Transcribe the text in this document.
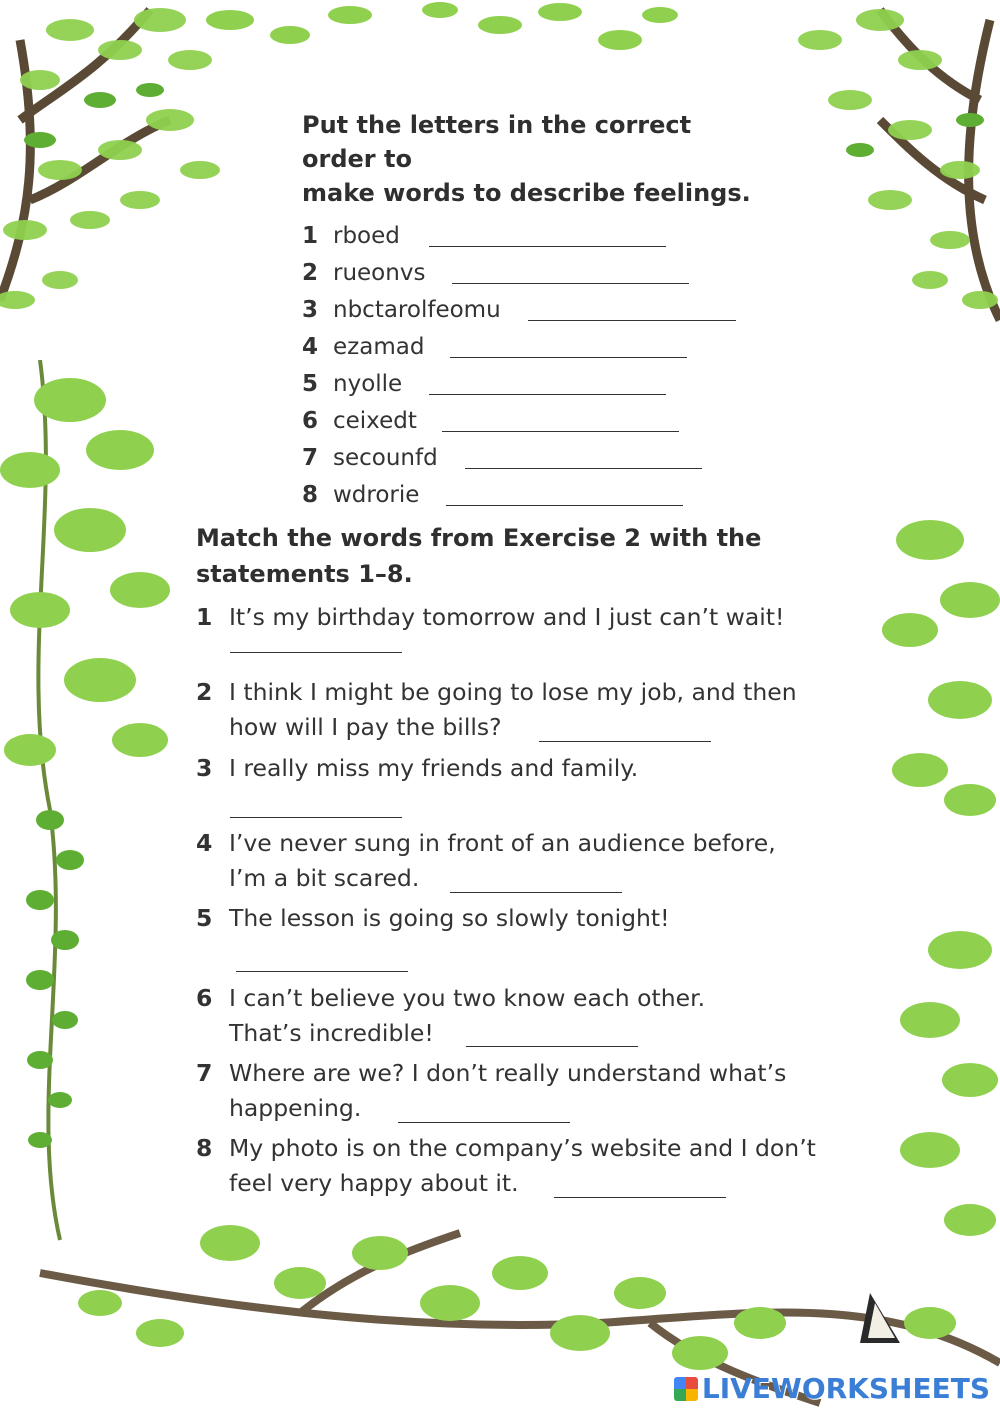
Put the letters in the correct order to
make words to describe feelings.

1 rboed
2 rueonvs
3 nbctarolfeomu
4 ezamad
5 nyolle
6 ceixedt
7 secounfd
8 wdrorie

Match the words from Exercise 2 with the
statements 1–8.

1 It’s my birthday tomorrow and I just can’t wait!
2 I think I might be going to lose my job, and then
how will I pay the bills?
3 I really miss my friends and family.
4 I’ve never sung in front of an audience before,
I’m a bit scared.
5 The lesson is going so slowly tonight!
6 I can’t believe you two know each other.
That’s incredible!
7 Where are we? I don’t really understand what’s
happening.
8 My photo is on the company’s website and I don’t
feel very happy about it.
LIVEWORKSHEETS
